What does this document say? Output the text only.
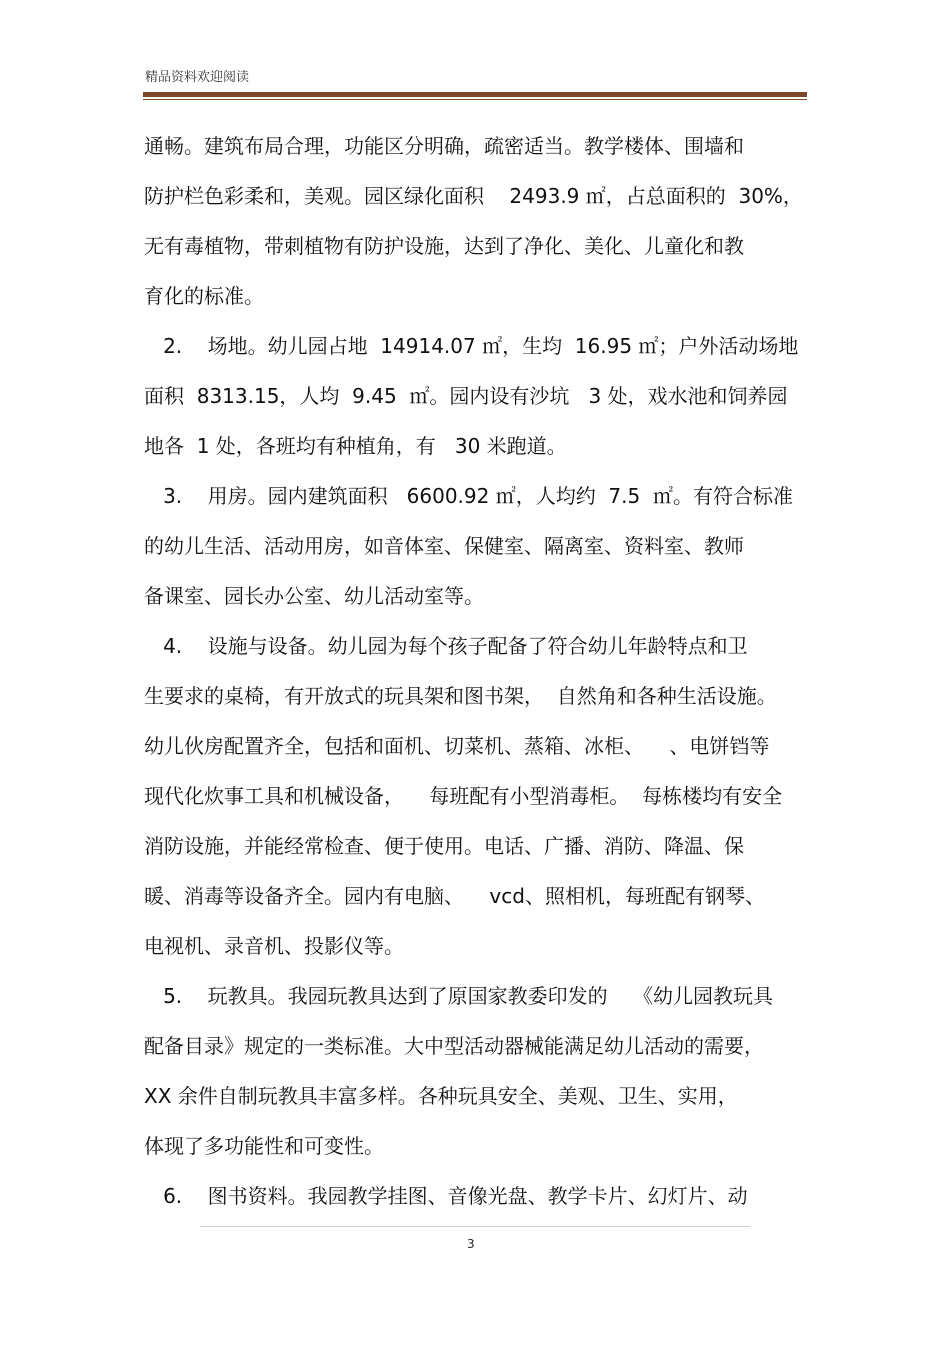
精品资料欢迎阅读
通畅。建筑布局合理，功能区分明确，疏密适当。教学楼体、围墙和
防护栏色彩柔和，美观。园区绿化面积    2493.9 ㎡，占总面积的  30%，
无有毒植物，带刺植物有防护设施，达到了净化、美化、儿童化和教
育化的标准。
2.    场地。幼儿园占地  14914.07 ㎡，生均  16.95 ㎡；户外活动场地
面积  8313.15，人均  9.45  ㎡。园内设有沙坑   3 处，戏水池和饲养园
地各  1 处，各班均有种植角，有   30 米跑道。
3.    用房。园内建筑面积   6600.92 ㎡，人均约  7.5  ㎡。有符合标准
的幼儿生活、活动用房，如音体室、保健室、隔离室、资料室、教师
备课室、园长办公室、幼儿活动室等。
4.    设施与设备。幼儿园为每个孩子配备了符合幼儿年龄特点和卫
生要求的桌椅，有开放式的玩具架和图书架，  自然角和各种生活设施。
幼儿伙房配置齐全，包括和面机、切菜机、蒸箱、冰柜、    、电饼铛等
现代化炊事工具和机械设备，    每班配有小型消毒柜。  每栋楼均有安全
消防设施，并能经常检查、便于使用。电话、广播、消防、降温、保
暖、消毒等设备齐全。园内有电脑、    vcd、照相机，每班配有钢琴、
电视机、录音机、投影仪等。
5.    玩教具。我园玩教具达到了原国家教委印发的    《幼儿园教玩具
配备目录》规定的一类标准。大中型活动器械能满足幼儿活动的需要，
XX 余件自制玩教具丰富多样。各种玩具安全、美观、卫生、实用，
体现了多功能性和可变性。
6.    图书资料。我园教学挂图、音像光盘、教学卡片、幻灯片、动
3
